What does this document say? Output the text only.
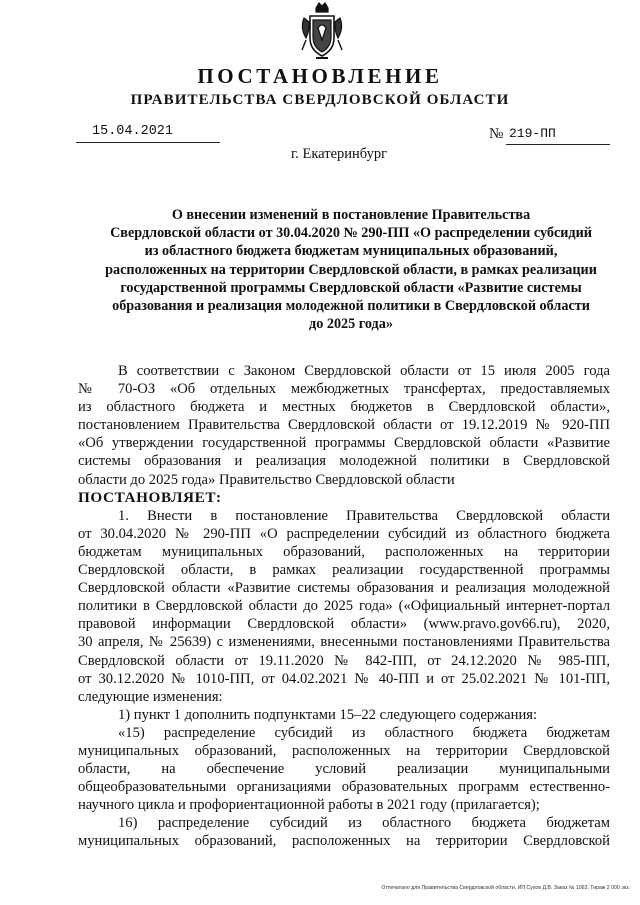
ПОСТАНОВЛЕНИЕ
ПРАВИТЕЛЬСТВА СВЕРДЛОВСКОЙ ОБЛАСТИ
15.04.2021	№ 219-ПП
г. Екатеринбург
О внесении изменений в постановление Правительства
Свердловской области от 30.04.2020 № 290-ПП «О распределении субсидий
из областного бюджета бюджетам муниципальных образований,
расположенных на территории Свердловской области, в рамках реализации
государственной программы Свердловской области «Развитие системы
образования и реализация молодежной политики в Свердловской области
до 2025 года»
В соответствии с Законом Свердловской области от 15 июля 2005 года
№ 70-ОЗ «Об отдельных межбюджетных трансфертах, предоставляемых
из областного бюджета и местных бюджетов в Свердловской области»,
постановлением Правительства Свердловской области от 19.12.2019 № 920-ПП
«Об утверждении государственной программы Свердловской области «Развитие
системы образования и реализация молодежной политики в Свердловской
области до 2025 года» Правительство Свердловской области
ПОСТАНОВЛЯЕТ:
1. Внести в постановление Правительства Свердловской области
от 30.04.2020 № 290-ПП «О распределении субсидий из областного бюджета
бюджетам муниципальных образований, расположенных на территории
Свердловской области, в рамках реализации государственной программы
Свердловской области «Развитие системы образования и реализация молодежной
политики в Свердловской области до 2025 года» («Официальный интернет-портал
правовой информации Свердловской области» (www.pravo.gov66.ru), 2020,
30 апреля, № 25639) с изменениями, внесенными постановлениями Правительства
Свердловской области от 19.11.2020 № 842-ПП, от 24.12.2020 № 985-ПП,
от 30.12.2020 № 1010-ПП, от 04.02.2021 № 40-ПП и от 25.02.2021 № 101-ПП,
следующие изменения:
1) пункт 1 дополнить подпунктами 15–22 следующего содержания:
«15) распределение субсидий из областного бюджета бюджетам
муниципальных образований, расположенных на территории Свердловской
области, на обеспечение условий реализации муниципальными
общеобразовательными организациями образовательных программ естественно-
научного цикла и профориентационной работы в 2021 году (прилагается);
16) распределение субсидий из областного бюджета бюджетам
муниципальных образований, расположенных на территории Свердловской
Отпечатано для Правительства Свердловской области. ИП Сухов Д.В. Заказ № 1063. Тираж 2 000 экз.
